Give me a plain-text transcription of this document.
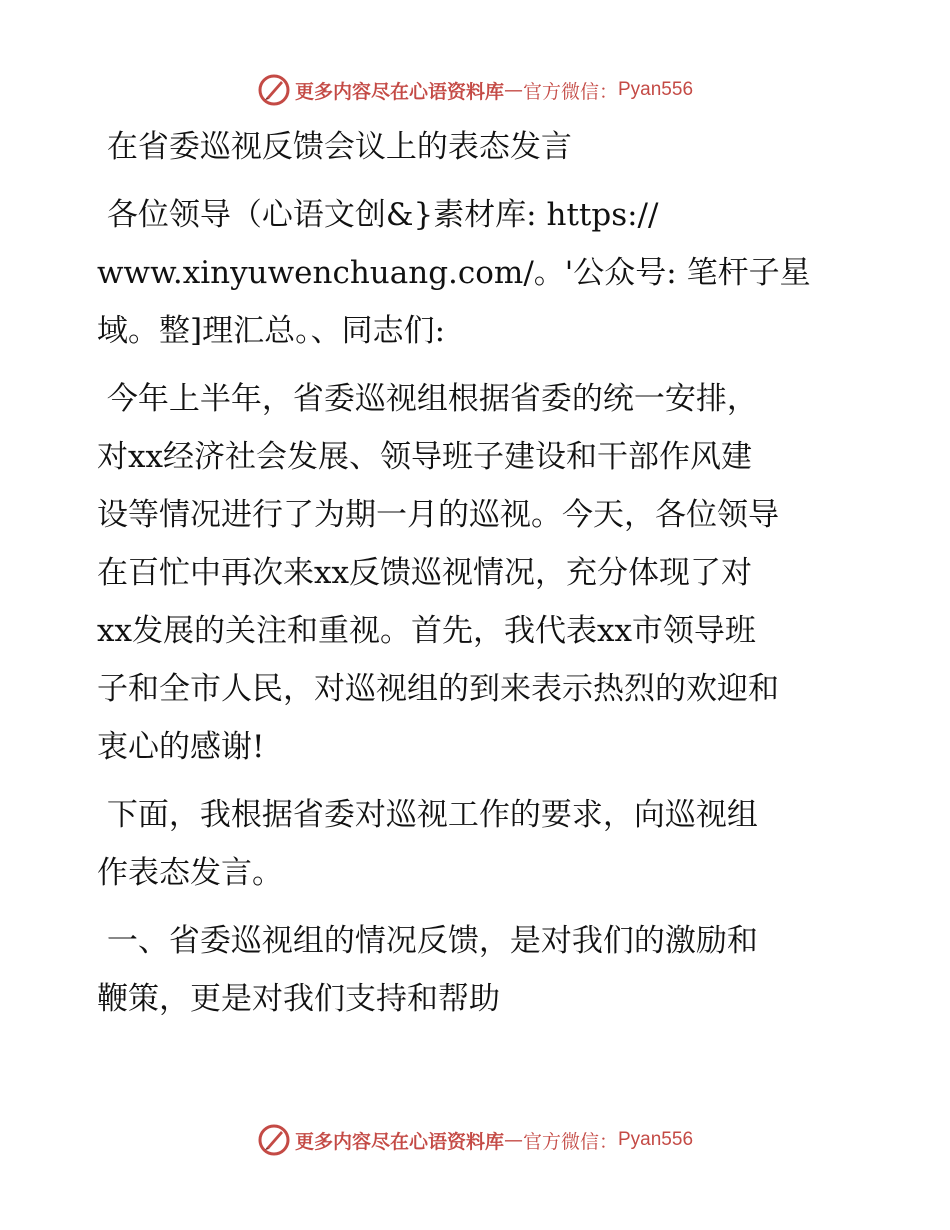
更多内容尽在心语资料库 — 官方微信： Pyan556

在省委巡视反馈会议上的表态发言

各位领导（心语文创&}素材库: https://
www.xinyuwenchuang.com/。'公众号: 笔杆子星
域。整]理汇总。、同志们:

今年上半年，省委巡视组根据省委的统一安排，
对xx经济社会发展、领导班子建设和干部作风建
设等情况进行了为期一月的巡视。今天，各位领导
在百忙中再次来xx反馈巡视情况，充分体现了对
xx发展的关注和重视。首先，我代表xx市领导班
子和全市人民，对巡视组的到来表示热烈的欢迎和
衷心的感谢!

下面，我根据省委对巡视工作的要求，向巡视组
作表态发言。

一、省委巡视组的情况反馈，是对我们的激励和
鞭策，更是对我们支持和帮助

更多内容尽在心语资料库 — 官方微信： Pyan556
